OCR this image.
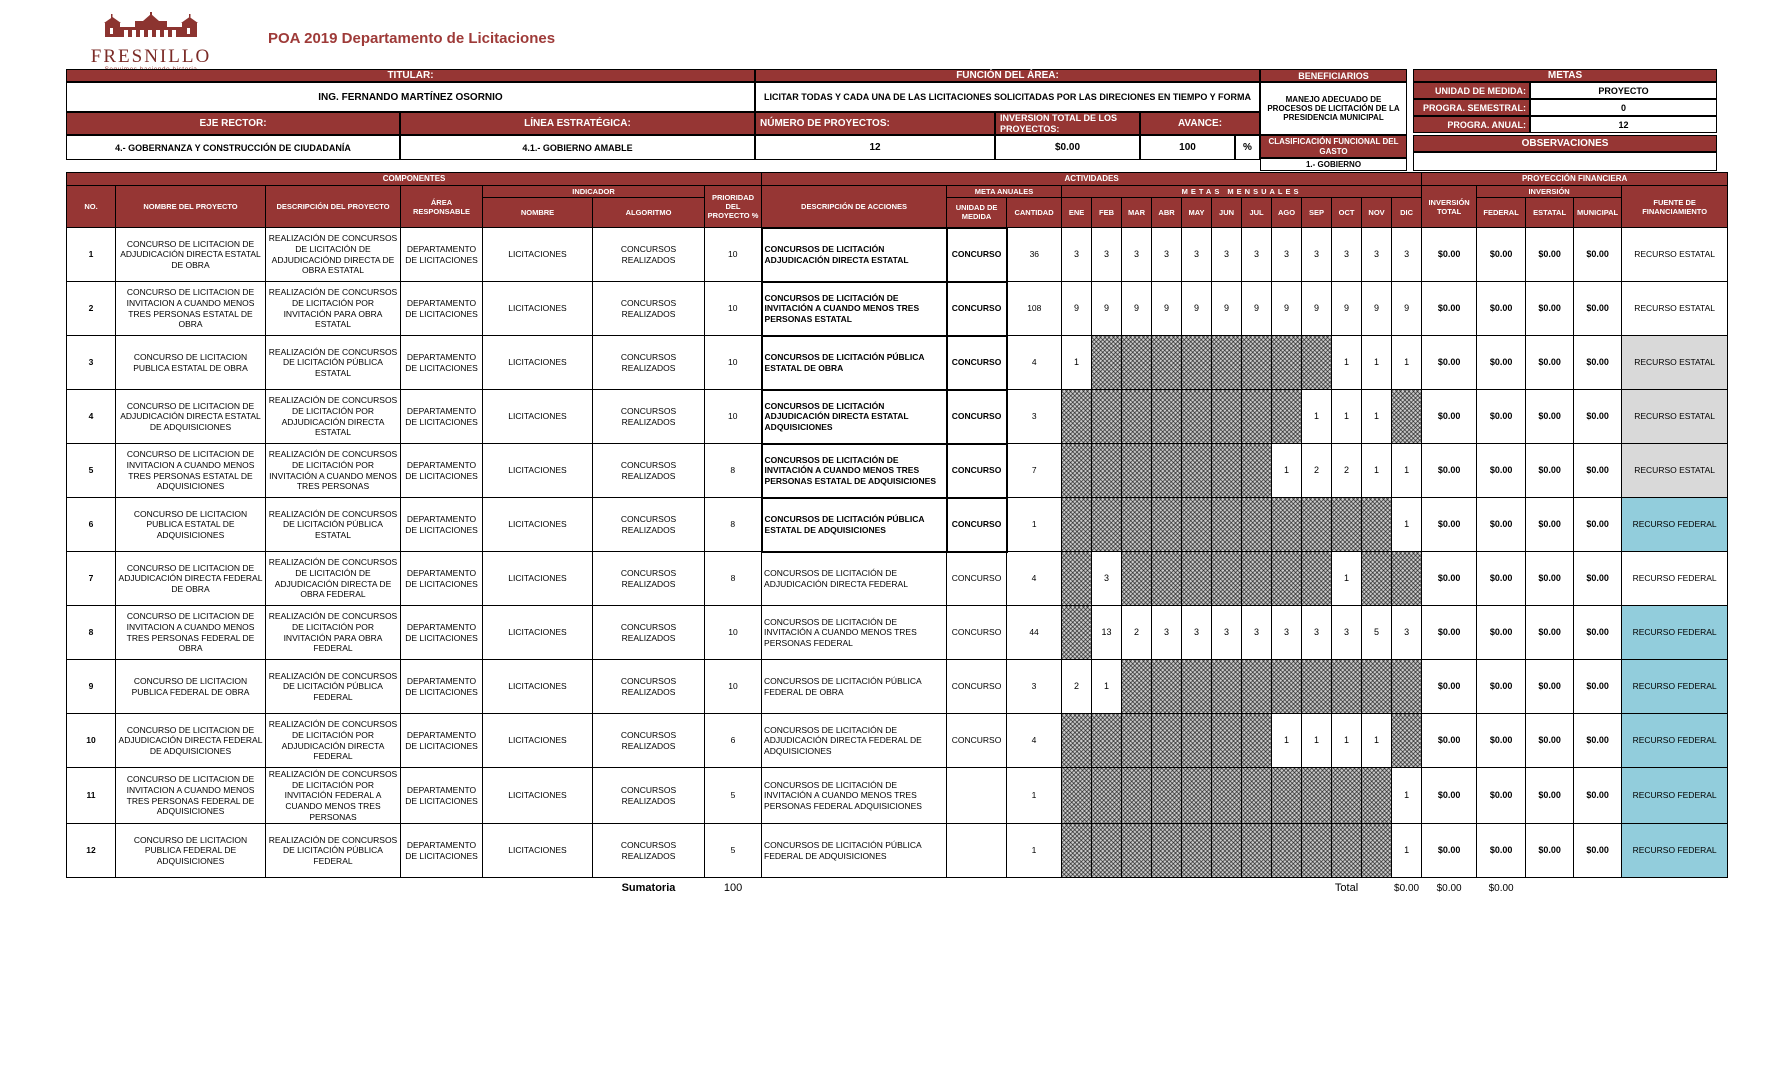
FRESNILLO
POA 2019 Departamento de Licitaciones
TITULAR:	FUNCIÓN DEL ÁREA:	BENEFICIARIOS	METAS
ING. FERNANDO MARTÍNEZ OSORNIO	LICITAR TODAS Y CADA UNA DE LAS LICITACIONES SOLICITADAS POR LAS DIRECIONES EN TIEMPO Y FORMA	MANEJO ADECUADO DE PROCESOS DE LICITACIÓN DE LA PRESIDENCIA MUNICIPAL
UNIDAD DE MEDIDA:	PROYECTO
PROGRA. SEMESTRAL:	0
PROGRA. ANUAL:	12
EJE RECTOR:	LÍNEA ESTRATÉGICA:	NÚMERO DE PROYECTOS:	INVERSION TOTAL DE LOS PROYECTOS:	AVANCE:
4.- GOBERNANZA Y CONSTRUCCIÓN DE CIUDADANÍA	4.1.- GOBIERNO AMABLE	12	$0.00	100	%
CLASIFICACIÓN FUNCIONAL DEL GASTO
1.- GOBIERNO
OBSERVACIONES
COMPONENTES							ACTIVIDADES															PROYECCIÓN FINANCIERA				
NO.	NOMBRE DEL PROYECTO	DESCRIPCIÓN DEL PROYECTO	ÁREA RESPONSABLE	INDICADOR		PRIORIDAD DEL PROYECTO %	DESCRIPCIÓN DE ACCIONES	META ANUALES		METAS MENSUALES												INVERSIÓN TOTAL	INVERSIÓN			FUENTE DE FINANCIAMIENTO
				NOMBRE	ALGORITMO			UNIDAD DE MEDIDA	CANTIDAD	ENE	FEB	MAR	ABR	MAY	JUN	JUL	AGO	SEP	OCT	NOV	DIC		FEDERAL	ESTATAL	MUNICIPAL	
1	CONCURSO DE LICITACION DE ADJUDICACIÓN DIRECTA ESTATAL DE OBRA	REALIZACIÓN DE CONCURSOS DE LICITACIÓN DE ADJUDICACIÓND DIRECTA DE OBRA ESTATAL	DEPARTAMENTO DE LICITACIONES	LICITACIONES	CONCURSOS REALIZADOS	10	CONCURSOS DE LICITACIÓN ADJUDICACIÓN DIRECTA ESTATAL	CONCURSO	36	3	3	3	3	3	3	3	3	3	3	3	3	$0.00	$0.00	$0.00	$0.00	RECURSO ESTATAL
2	CONCURSO DE LICITACION DE INVITACION A CUANDO MENOS TRES PERSONAS ESTATAL DE OBRA	REALIZACIÓN DE CONCURSOS DE LICITACIÓN POR INVITACIÓN PARA OBRA ESTATAL	DEPARTAMENTO DE LICITACIONES	LICITACIONES	CONCURSOS REALIZADOS	10	CONCURSOS DE LICITACIÓN DE INVITACIÓN A CUANDO MENOS TRES PERSONAS ESTATAL	CONCURSO	108	9	9	9	9	9	9	9	9	9	9	9	9	$0.00	$0.00	$0.00	$0.00	RECURSO ESTATAL
3	CONCURSO DE LICITACION PUBLICA ESTATAL DE OBRA	REALIZACIÓN DE CONCURSOS DE LICITACIÓN PÚBLICA ESTATAL	DEPARTAMENTO DE LICITACIONES	LICITACIONES	CONCURSOS REALIZADOS	10	CONCURSOS DE LICITACIÓN PÚBLICA ESTATAL DE OBRA	CONCURSO	4	1									1	1	1	$0.00	$0.00	$0.00	$0.00	RECURSO ESTATAL
4	CONCURSO DE LICITACION DE ADJUDICACIÓN DIRECTA ESTATAL DE ADQUISICIONES	REALIZACIÓN DE CONCURSOS DE LICITACIÓN POR ADJUDICACIÓN DIRECTA ESTATAL	DEPARTAMENTO DE LICITACIONES	LICITACIONES	CONCURSOS REALIZADOS	10	CONCURSOS DE LICITACIÓN ADJUDICACIÓN DIRECTA ESTATAL ADQUISICIONES	CONCURSO	3									1	1	1		$0.00	$0.00	$0.00	$0.00	RECURSO ESTATAL
5	CONCURSO DE LICITACION DE INVITACION A CUANDO MENOS TRES PERSONAS ESTATAL DE ADQUISICIONES	REALIZACIÓN DE CONCURSOS DE LICITACIÓN POR INVITACIÓN A CUANDO MENOS TRES PERSONAS	DEPARTAMENTO DE LICITACIONES	LICITACIONES	CONCURSOS REALIZADOS	8	CONCURSOS DE LICITACIÓN DE INVITACIÓN A CUANDO MENOS TRES PERSONAS ESTATAL DE ADQUISICIONES	CONCURSO	7								1	2	2	1	1	$0.00	$0.00	$0.00	$0.00	RECURSO ESTATAL
6	CONCURSO DE LICITACION PUBLICA ESTATAL DE ADQUISICIONES	REALIZACIÓN DE CONCURSOS DE LICITACIÓN PÚBLICA ESTATAL	DEPARTAMENTO DE LICITACIONES	LICITACIONES	CONCURSOS REALIZADOS	8	CONCURSOS DE LICITACIÓN PÚBLICA ESTATAL DE ADQUISICIONES	CONCURSO	1												1	$0.00	$0.00	$0.00	$0.00	RECURSO FEDERAL
7	CONCURSO DE LICITACION DE ADJUDICACIÓN DIRECTA FEDERAL DE OBRA	REALIZACIÓN DE CONCURSOS DE LICITACIÓN DE ADJUDICACIÓN DIRECTA DE OBRA FEDERAL	DEPARTAMENTO DE LICITACIONES	LICITACIONES	CONCURSOS REALIZADOS	8	CONCURSOS DE LICITACIÓN DE ADJUDICACIÓN DIRECTA FEDERAL	CONCURSO	4		3								1			$0.00	$0.00	$0.00	$0.00	RECURSO FEDERAL
8	CONCURSO DE LICITACION DE INVITACION A CUANDO MENOS TRES PERSONAS FEDERAL DE OBRA	REALIZACIÓN DE CONCURSOS DE LICITACIÓN POR INVITACIÓN PARA OBRA FEDERAL	DEPARTAMENTO DE LICITACIONES	LICITACIONES	CONCURSOS REALIZADOS	10	CONCURSOS DE LICITACIÓN DE INVITACIÓN A CUANDO MENOS TRES PERSONAS FEDERAL	CONCURSO	44		13	2	3	3	3	3	3	3	3	5	3	$0.00	$0.00	$0.00	$0.00	RECURSO FEDERAL
9	CONCURSO DE LICITACION PUBLICA FEDERAL DE OBRA	REALIZACIÓN DE CONCURSOS DE LICITACIÓN PÚBLICA FEDERAL	DEPARTAMENTO DE LICITACIONES	LICITACIONES	CONCURSOS REALIZADOS	10	CONCURSOS DE LICITACIÓN PÚBLICA FEDERAL DE OBRA	CONCURSO	3	2	1											$0.00	$0.00	$0.00	$0.00	RECURSO FEDERAL
10	CONCURSO DE LICITACION DE ADJUDICACIÓN DIRECTA FEDERAL DE ADQUISICIONES	REALIZACIÓN DE CONCURSOS DE LICITACIÓN POR ADJUDICACIÓN DIRECTA FEDERAL	DEPARTAMENTO DE LICITACIONES	LICITACIONES	CONCURSOS REALIZADOS	6	CONCURSOS DE LICITACIÓN DE ADJUDICACIÓN DIRECTA FEDERAL DE ADQUISICIONES	CONCURSO	4								1	1	1	1		$0.00	$0.00	$0.00	$0.00	RECURSO FEDERAL
11	CONCURSO DE LICITACION DE INVITACION A CUANDO MENOS TRES PERSONAS FEDERAL DE ADQUISICIONES	REALIZACIÓN DE CONCURSOS DE LICITACIÓN POR INVITACIÓN FEDERAL A CUANDO MENOS TRES PERSONAS	DEPARTAMENTO DE LICITACIONES	LICITACIONES	CONCURSOS REALIZADOS	5	CONCURSOS DE LICITACIÓN DE INVITACIÓN A CUANDO MENOS TRES PERSONAS FEDERAL ADQUISICIONES		1												1	$0.00	$0.00	$0.00	$0.00	RECURSO FEDERAL
12	CONCURSO DE LICITACION PUBLICA FEDERAL DE ADQUISICIONES	REALIZACIÓN DE CONCURSOS DE LICITACIÓN PÚBLICA FEDERAL	DEPARTAMENTO DE LICITACIONES	LICITACIONES	CONCURSOS REALIZADOS	5	CONCURSOS DE LICITACIÓN PÚBLICA FEDERAL DE ADQUISICIONES		1												1	$0.00	$0.00	$0.00	$0.00	RECURSO FEDERAL
					Sumatoria	100													Total	$0.00	$0.00	$0.00	$0.00			
